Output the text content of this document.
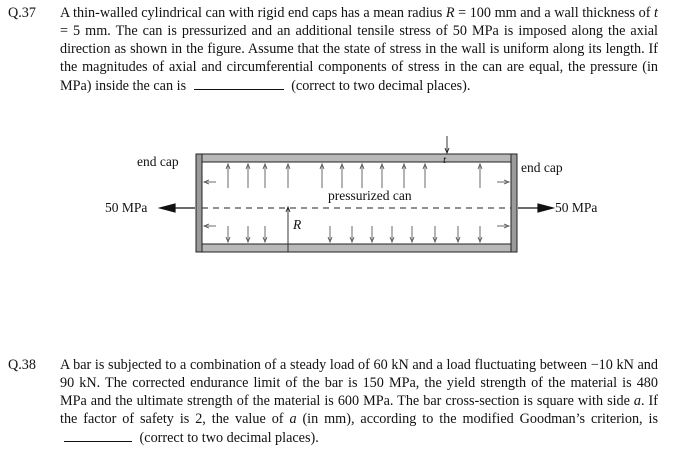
Q.37 A thin-walled cylindrical can with rigid end caps has a mean radius R = 100 mm and a wall thickness of t = 5 mm. The can is pressurized and an additional tensile stress of 50 MPa is imposed along the axial direction as shown in the figure. Assume that the state of stress in the wall is uniform along its length. If the magnitudes of axial and circumferential components of stress in the can are equal, the pressure (in MPa) inside the can is	(correct to two decimal places).
end cap	end cap
50 MPa	50 MPa
pressurized can
R
t
Q.38 A bar is subjected to a combination of a steady load of 60 kN and a load fluctuating between −10 kN and 90 kN. The corrected endurance limit of the bar is 150 MPa, the yield strength of the material is 480 MPa and the ultimate strength of the material is 600 MPa. The bar cross-section is square with side a. If the factor of safety is 2, the value of a (in mm), according to the modified Goodman’s criterion, is  (correct to two decimal places).
